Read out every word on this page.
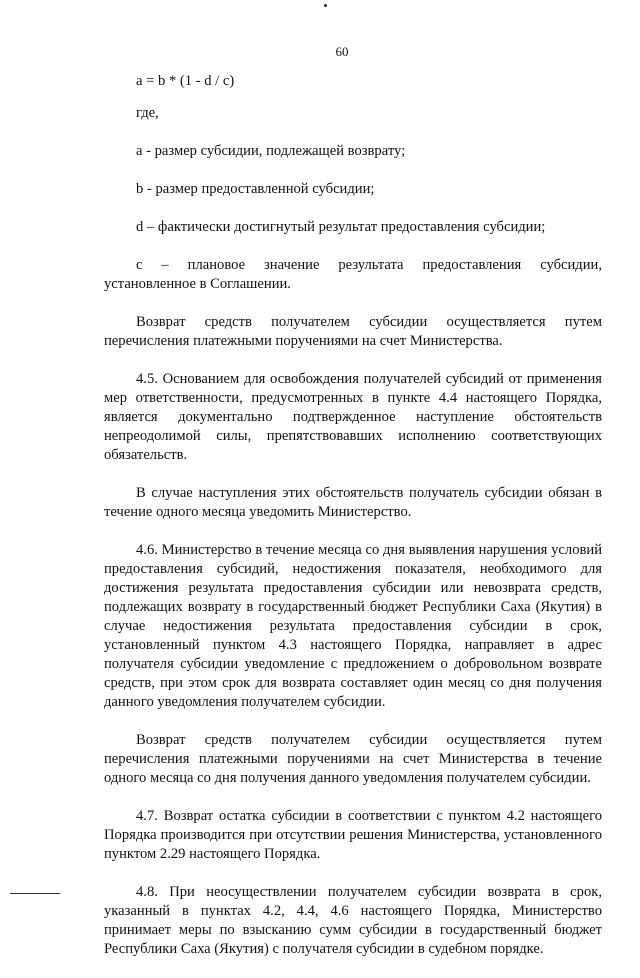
60

a = b * (1 - d / c)

где,

a - размер субсидии, подлежащей возврату;

b - размер предоставленной субсидии;

d – фактически достигнутый результат предоставления субсидии;

c – плановое значение результата предоставления субсидии, установленное в Соглашении.

Возврат средств получателем субсидии осуществляется путем перечисления платежными поручениями на счет Министерства.

4.5. Основанием для освобождения получателей субсидий от применения мер ответственности, предусмотренных в пункте 4.4 настоящего Порядка, является документально подтвержденное наступление обстоятельств непреодолимой силы, препятствовавших исполнению соответствующих обязательств.

В случае наступления этих обстоятельств получатель субсидии обязан в течение одного месяца уведомить Министерство.

4.6. Министерство в течение месяца со дня выявления нарушения условий предоставления субсидий, недостижения показателя, необходимого для достижения результата предоставления субсидии или невозврата средств, подлежащих возврату в государственный бюджет Республики Саха (Якутия) в случае недостижения результата предоставления субсидии в срок, установленный пунктом 4.3 настоящего Порядка, направляет в адрес получателя субсидии уведомление с предложением о добровольном возврате средств, при этом срок для возврата составляет один месяц со дня получения данного уведомления получателем субсидии.

Возврат средств получателем субсидии осуществляется путем перечисления платежными поручениями на счет Министерства в течение одного месяца со дня получения данного уведомления получателем субсидии.

4.7. Возврат остатка субсидии в соответствии с пунктом 4.2 настоящего Порядка производится при отсутствии решения Министерства, установленного пунктом 2.29 настоящего Порядка.

4.8. При неосуществлении получателем субсидии возврата в срок, указанный в пунктах 4.2, 4.4, 4.6 настоящего Порядка, Министерство принимает меры по взысканию сумм субсидии в государственный бюджет Республики Саха (Якутия) с получателя субсидии в судебном порядке.
